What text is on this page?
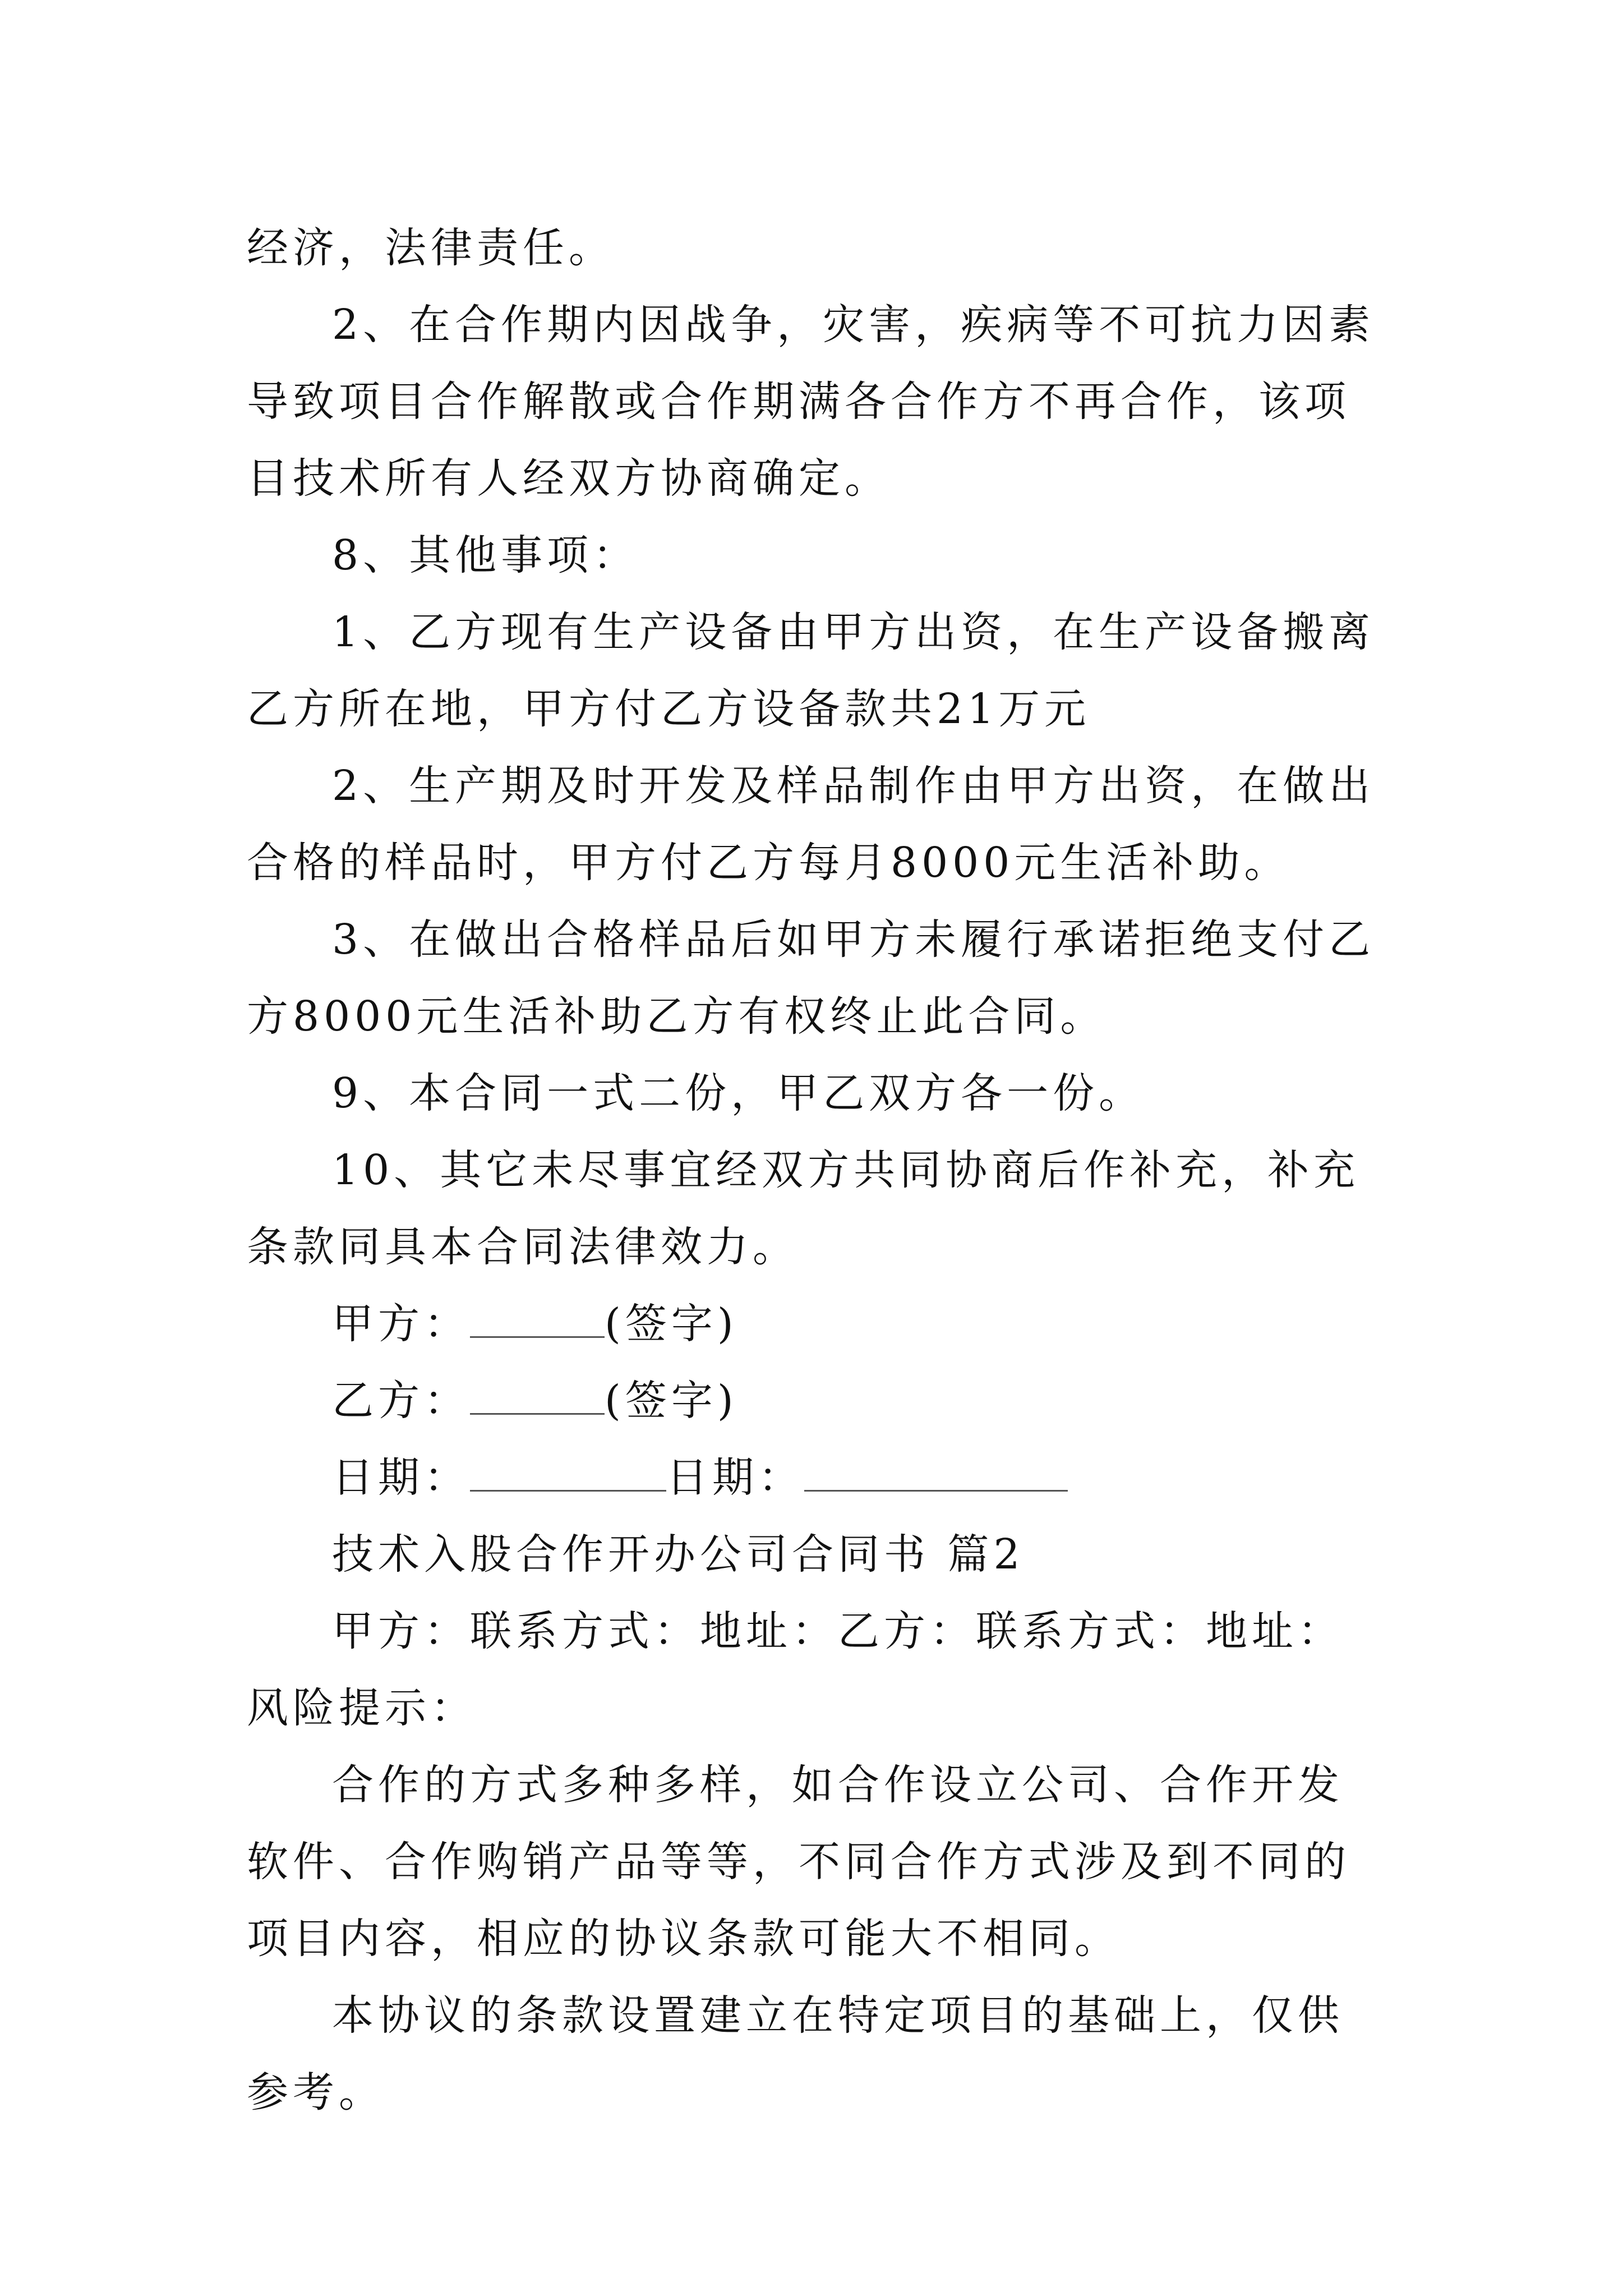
经济，法律责任。

2、在合作期内因战争，灾害，疾病等不可抗力因素导致项目合作解散或合作期满各合作方不再合作，该项目技术所有人经双方协商确定。

8、其他事项：

1、乙方现有生产设备由甲方出资，在生产设备搬离乙方所在地，甲方付乙方设备款共21万元

2、生产期及时开发及样品制作由甲方出资，在做出合格的样品时，甲方付乙方每月8000元生活补助。

3、在做出合格样品后如甲方未履行承诺拒绝支付乙方8000元生活补助乙方有权终止此合同。

9、本合同一式二份，甲乙双方各一份。

10、其它未尽事宜经双方共同协商后作补充，补充条款同具本合同法律效力。

甲方：	(签字)

乙方：	(签字)

日期：	日期：

技术入股合作开办公司合同书 篇2

甲方：联系方式：地址：乙方：联系方式：地址：风险提示：

合作的方式多种多样，如合作设立公司、合作开发软件、合作购销产品等等，不同合作方式涉及到不同的项目内容，相应的协议条款可能大不相同。

本协议的条款设置建立在特定项目的基础上，仅供参考。
